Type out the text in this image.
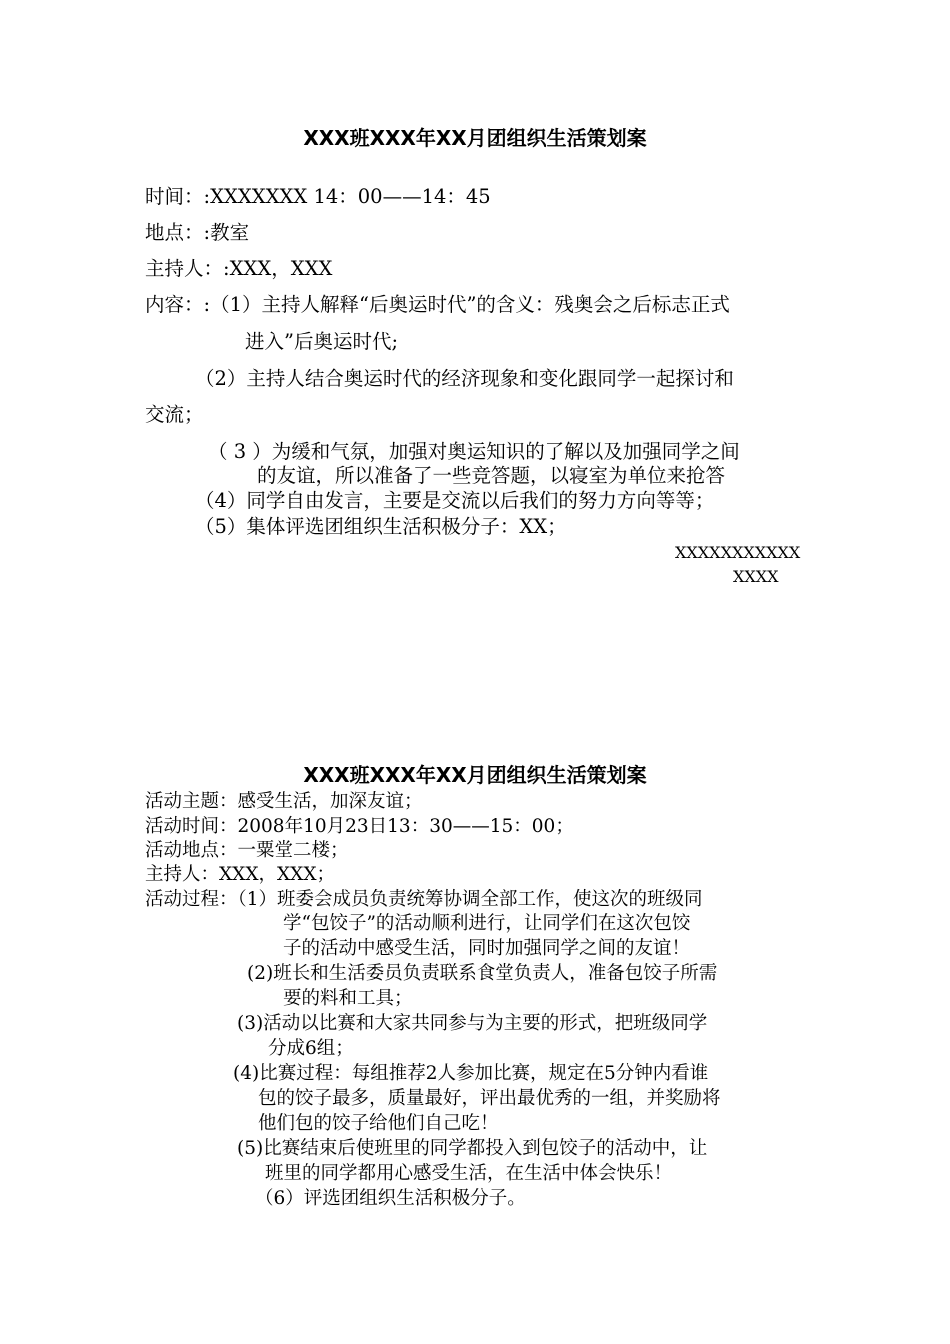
XXX班XXX年XX月团组织生活策划案
时间：:XXXXXXX 14：00——14：45
地点：:教室
主持人：:XXX，XXX
内容：:（1）主持人解释“后奥运时代”的含义：残奥会之后标志正式
进入”后奥运时代;
（2）主持人结合奥运时代的经济现象和变化跟同学一起探讨和
交流；
（ 3 ）为缓和气氛，加强对奥运知识的了解以及加强同学之间
的友谊，所以准备了一些竞答题，以寝室为单位来抢答
（4）同学自由发言，主要是交流以后我们的努力方向等等；
（5）集体评选团组织生活积极分子：XX；
XXXXXXXXXXX
XXXX
XXX班XXX年XX月团组织生活策划案
活动主题：感受生活，加深友谊；
活动时间：2008年10月23日13：30——15：00；
活动地点：一粟堂二楼；
主持人：XXX，XXX；
活动过程：（1）班委会成员负责统筹协调全部工作，使这次的班级同
学“包饺子”的活动顺利进行，让同学们在这次包饺
子的活动中感受生活，同时加强同学之间的友谊！
(2)班长和生活委员负责联系食堂负责人，准备包饺子所需
要的料和工具；
(3)活动以比赛和大家共同参与为主要的形式，把班级同学
分成6组；
(4)比赛过程：每组推荐2人参加比赛，规定在5分钟内看谁
包的饺子最多，质量最好，评出最优秀的一组，并奖励将
他们包的饺子给他们自己吃！
(5)比赛结束后使班里的同学都投入到包饺子的活动中，让
班里的同学都用心感受生活，在生活中体会快乐！
（6）评选团组织生活积极分子。
